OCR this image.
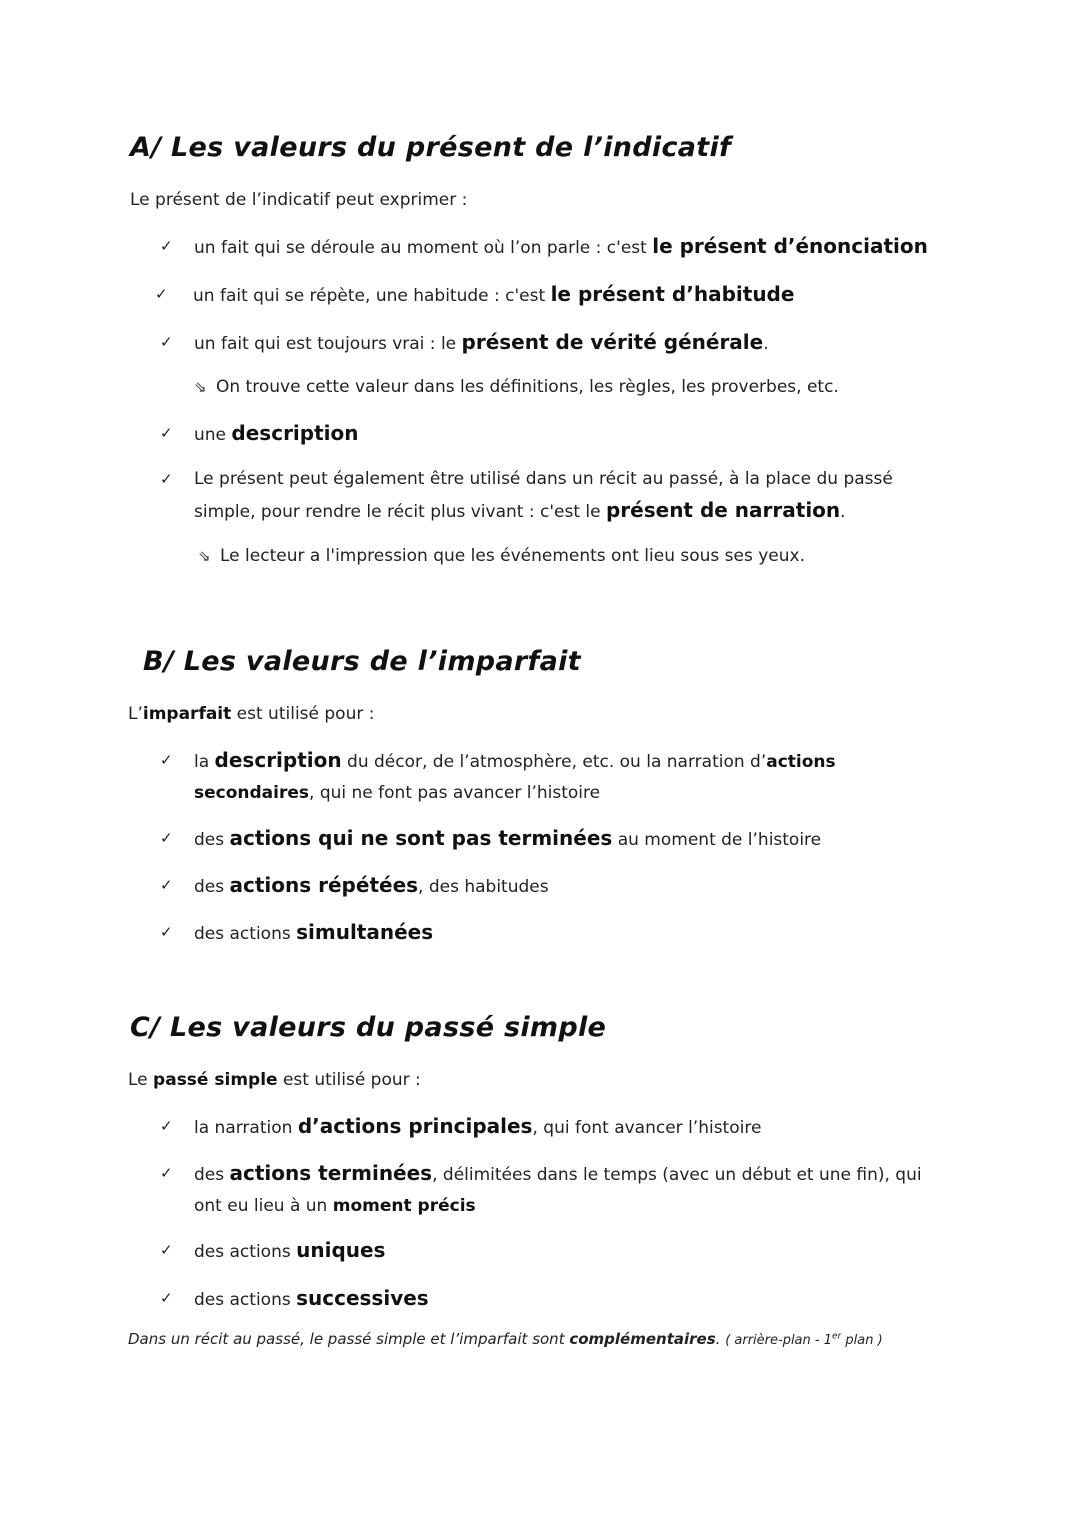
A/ Les valeurs du présent de l’indicatif

Le présent de l’indicatif peut exprimer :

✓	un fait qui se déroule au moment où l’on parle : c'est le présent d’énonciation
✓	un fait qui se répète, une habitude : c'est le présent d’habitude
✓	un fait qui est toujours vrai : le présent de vérité générale.
⇘ On trouve cette valeur dans les définitions, les règles, les proverbes, etc.
✓	une description
✓	Le présent peut également être utilisé dans un récit au passé, à la place du passé
simple, pour rendre le récit plus vivant : c'est le présent de narration.
⇘ Le lecteur a l'impression que les événements ont lieu sous ses yeux.
B/ Les valeurs de l’imparfait

L’imparfait est utilisé pour :

✓	la description du décor, de l’atmosphère, etc. ou la narration d’actions
secondaires, qui ne font pas avancer l’histoire
✓	des actions qui ne sont pas terminées au moment de l’histoire
✓	des actions répétées, des habitudes
✓	des actions simultanées
C/ Les valeurs du passé simple

Le passé simple est utilisé pour :

✓	la narration d’actions principales, qui font avancer l’histoire
✓	des actions terminées, délimitées dans le temps (avec un début et une fin), qui
ont eu lieu à un moment précis
✓	des actions uniques
✓	des actions successives
Dans un récit au passé, le passé simple et l’imparfait sont complémentaires. ( arrière-plan - 1er plan )
